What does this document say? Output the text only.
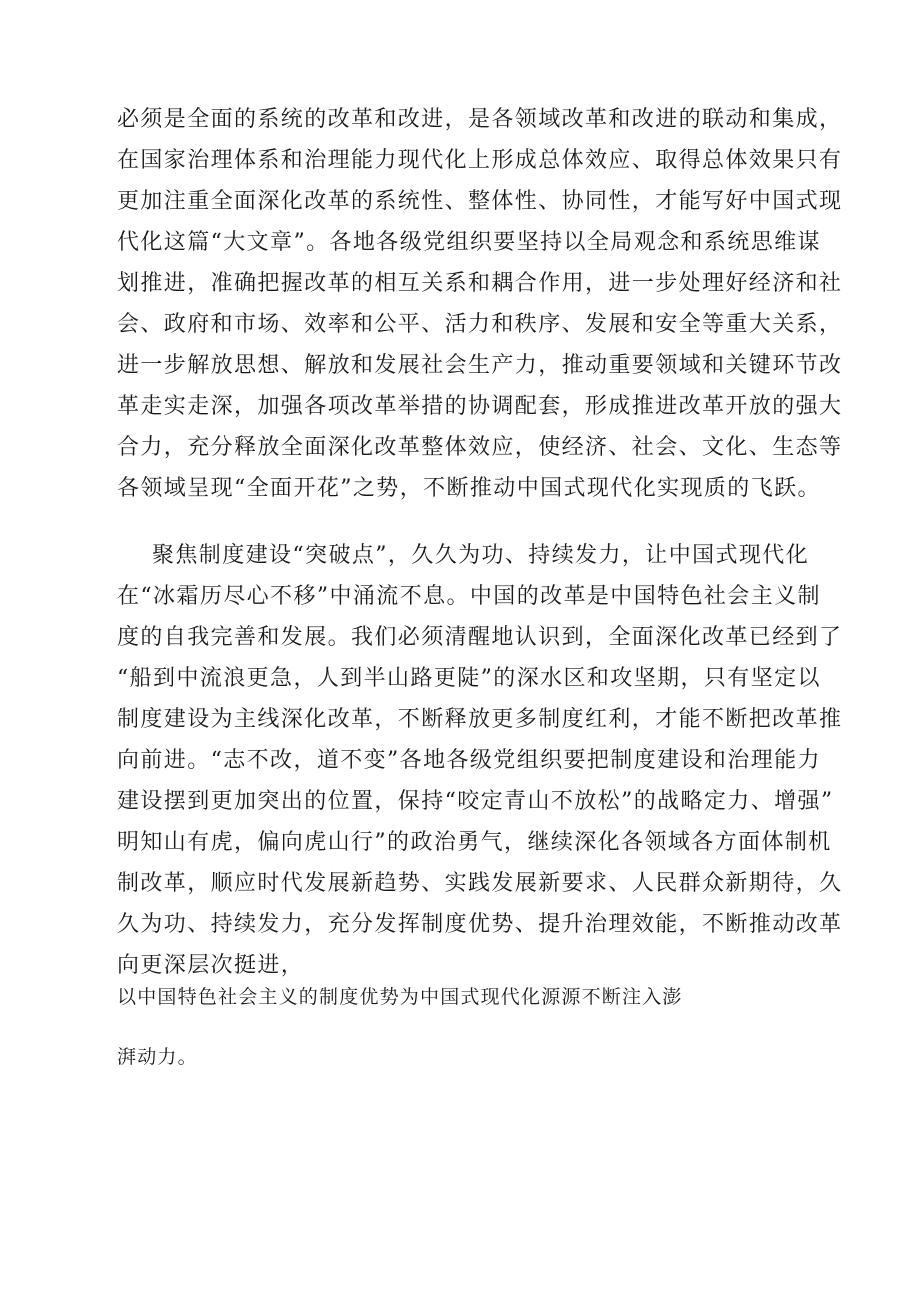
必须是全面的系统的改革和改进，是各领域改革和改进的联动和集成，

在国家治理体系和治理能力现代化上形成总体效应、取得总体效果只有

更加注重全面深化改革的系统性、整体性、协同性，才能写好中国式现

代化这篇“大文章”。各地各级党组织要坚持以全局观念和系统思维谋

划推进，准确把握改革的相互关系和耦合作用，进一步处理好经济和社

会、政府和市场、效率和公平、活力和秩序、发展和安全等重大关系，

进一步解放思想、解放和发展社会生产力，推动重要领域和关键环节改

革走实走深，加强各项改革举措的协调配套，形成推进改革开放的强大

合力，充分释放全面深化改革整体效应，使经济、社会、文化、生态等

各领域呈现“全面开花”之势，不断推动中国式现代化实现质的飞跃。

聚焦制度建设“突破点”，久久为功、持续发力，让中国式现代化

在“冰霜历尽心不移”中涌流不息。中国的改革是中国特色社会主义制

度的自我完善和发展。我们必须清醒地认识到，全面深化改革已经到了

“船到中流浪更急，人到半山路更陡”的深水区和攻坚期，只有坚定以

制度建设为主线深化改革，不断释放更多制度红利，才能不断把改革推

向前进。“志不改，道不变”各地各级党组织要把制度建设和治理能力

建设摆到更加突出的位置，保持“咬定青山不放松”的战略定力、增强”

明知山有虎，偏向虎山行”的政治勇气，继续深化各领域各方面体制机

制改革，顺应时代发展新趋势、实践发展新要求、人民群众新期待，久

久为功、持续发力，充分发挥制度优势、提升治理效能，不断推动改革

向更深层次挺进，

以中国特色社会主义的制度优势为中国式现代化源源不断注入澎

湃动力。
